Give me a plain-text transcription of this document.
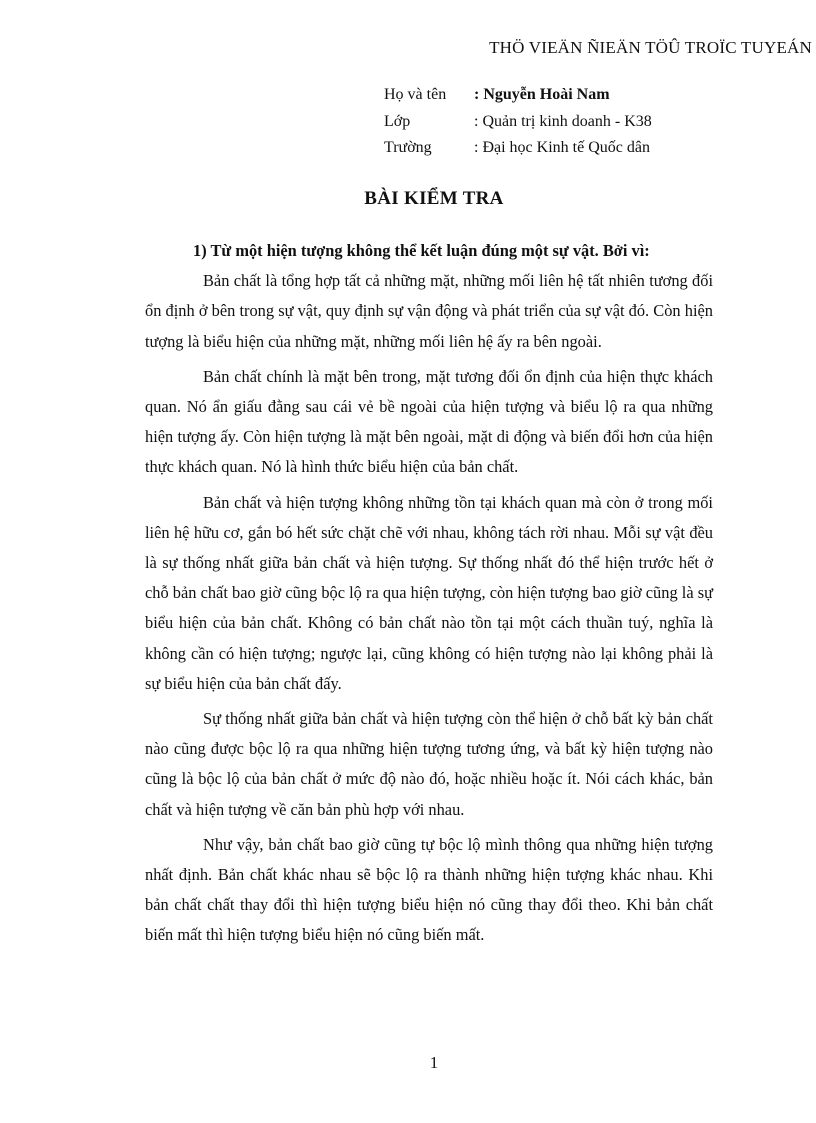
THÖ VIEÄN ÑIEÄN TÖÛ TROÏC TUYEÁN
Họ và tên	: Nguyễn Hoài Nam
Lớp	: Quản trị kinh doanh - K38
Trường	: Đại học Kinh tế Quốc dân
BÀI KIỂM TRA

1) Từ một hiện tượng không thể kết luận đúng một sự vật. Bởi vì:

Bản chất là tổng hợp tất cả những mặt, những mối liên hệ tất nhiên tương đối ổn định ở bên trong sự vật, quy định sự vận động và phát triển của sự vật đó. Còn hiện tượng là biểu hiện của những mặt, những mối liên hệ ấy ra bên ngoài.

Bản chất chính là mặt bên trong, mặt tương đối ổn định của hiện thực khách quan. Nó ẩn giấu đằng sau cái vẻ bề ngoài của hiện tượng và biểu lộ ra qua những hiện tượng ấy. Còn hiện tượng là mặt bên ngoài, mặt di động và biến đổi hơn của hiện thực khách quan. Nó là hình thức biểu hiện của bản chất.

Bản chất và hiện tượng không những tồn tại khách quan mà còn ở trong mối liên hệ hữu cơ, gắn bó hết sức chặt chẽ với nhau, không tách rời nhau. Mỗi sự vật đều là sự thống nhất giữa bản chất và hiện tượng. Sự thống nhất đó thể hiện trước hết ở chỗ bản chất bao giờ cũng bộc lộ ra qua hiện tượng, còn hiện tượng bao giờ cũng là sự biểu hiện của bản chất. Không có bản chất nào tồn tại một cách thuần tuý, nghĩa là không cần có hiện tượng; ngược lại, cũng không có hiện tượng nào lại không phải là sự biểu hiện của bản chất đấy.

Sự thống nhất giữa bản chất và hiện tượng còn thể hiện ở chỗ bất kỳ bản chất nào cũng được bộc lộ ra qua những hiện tượng tương ứng, và bất kỳ hiện tượng nào cũng là bộc lộ của bản chất ở mức độ nào đó, hoặc nhiều hoặc ít. Nói cách khác, bản chất và hiện tượng về căn bản phù hợp với nhau.

Như vậy, bản chất bao giờ cũng tự bộc lộ mình thông qua những hiện tượng nhất định. Bản chất khác nhau sẽ bộc lộ ra thành những hiện tượng khác nhau. Khi bản chất chất thay đổi thì hiện tượng biểu hiện nó cũng thay đổi theo. Khi bản chất biến mất thì hiện tượng biểu hiện nó cũng biến mất.

1
